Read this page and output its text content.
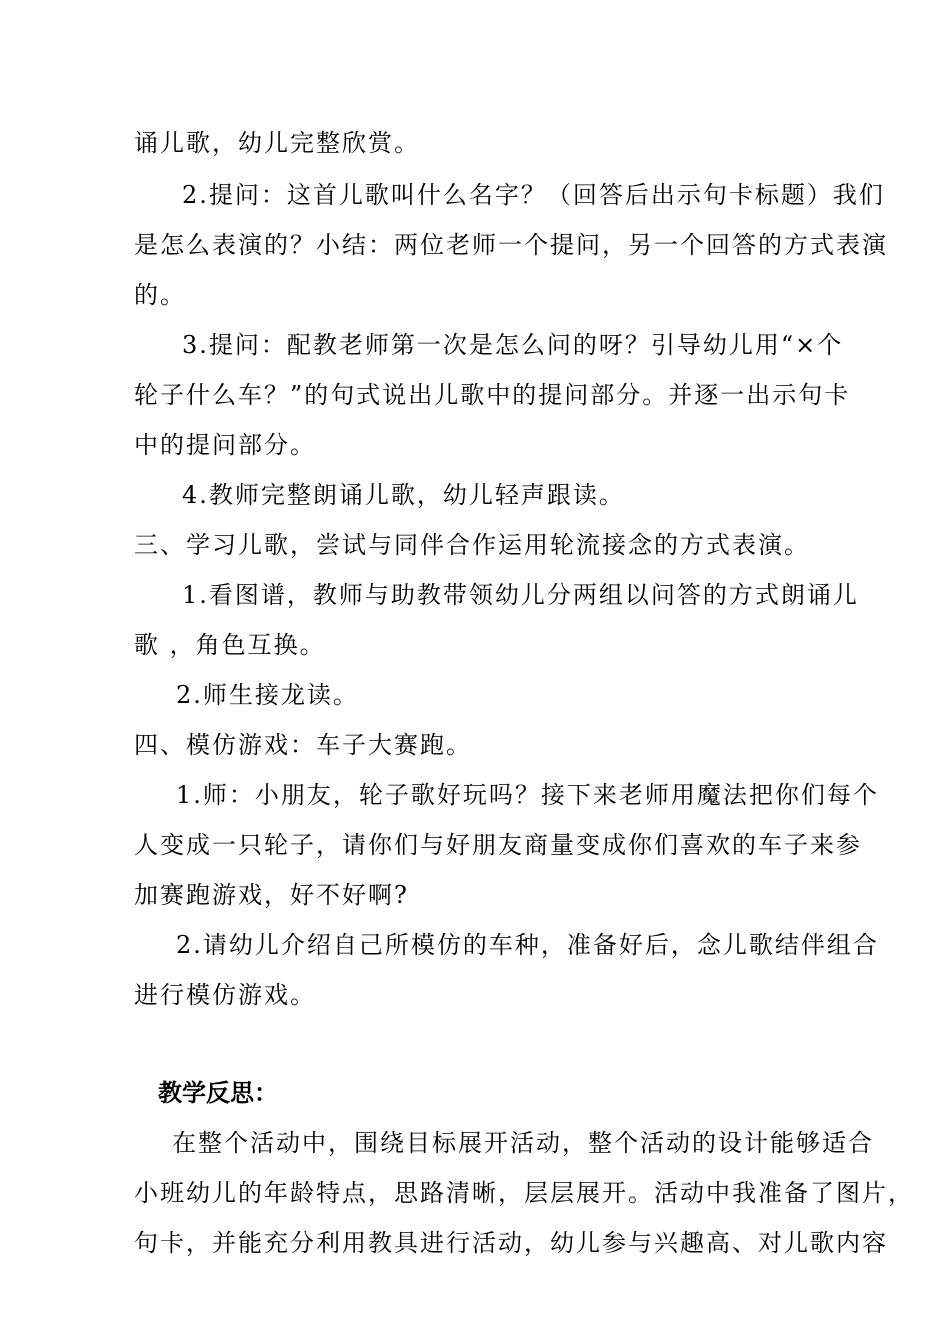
诵儿歌，幼儿完整欣赏。
2.提问：这首儿歌叫什么名字？（回答后出示句卡标题）我们
是怎么表演的？小结：两位老师一个提问，另一个回答的方式表演
的。
3.提问：配教老师第一次是怎么问的呀？引导幼儿用“×个
轮子什么车？”的句式说出儿歌中的提问部分。并逐一出示句卡
中的提问部分。
4.教师完整朗诵儿歌，幼儿轻声跟读。
三、学习儿歌，尝试与同伴合作运用轮流接念的方式表演。
1.看图谱，教师与助教带领幼儿分两组以问答的方式朗诵儿
歌 ，角色互换。
2.师生接龙读。
四、模仿游戏：车子大赛跑。
1.师：小朋友，轮子歌好玩吗？接下来老师用魔法把你们每个
人变成一只轮子，请你们与好朋友商量变成你们喜欢的车子来参
加赛跑游戏，好不好啊?
2.请幼儿介绍自己所模仿的车种，准备好后，念儿歌结伴组合
进行模仿游戏。
教学反思：
在整个活动中，围绕目标展开活动，整个活动的设计能够适合
小班幼儿的年龄特点，思路清晰，层层展开。活动中我准备了图片，
句卡，并能充分利用教具进行活动，幼儿参与兴趣高、对儿歌内容
